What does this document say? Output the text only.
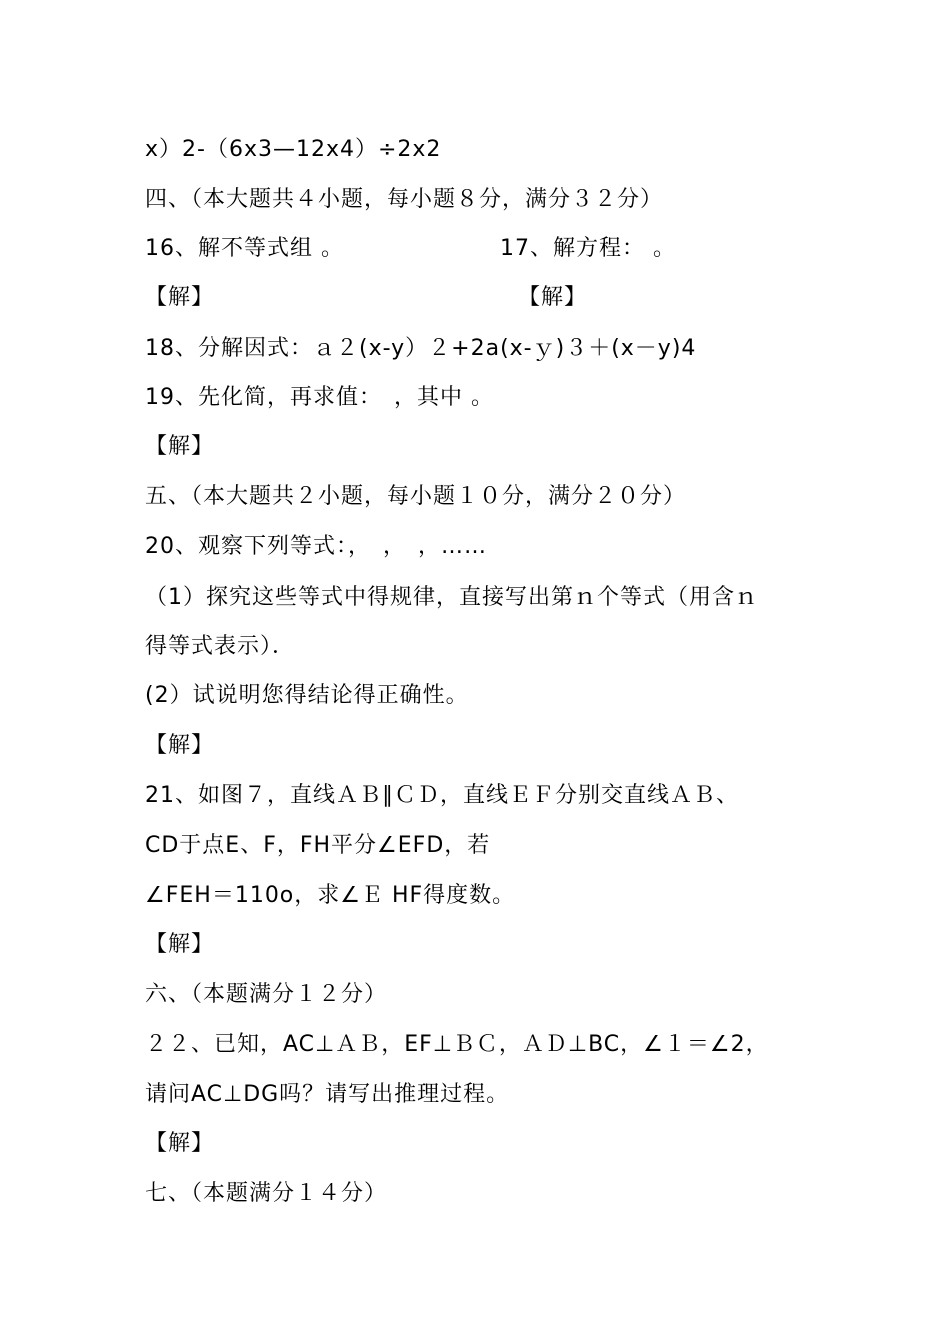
x）2-（6x3—12x4）÷2x2
四、（本大题共４小题，每小题８分，满分３２分）
16、解不等式组 。	17、解方程： 。
【解】	【解】
18、分解因式：ａ２(x-y）２+2a(x-ｙ)３＋(x－y)4
19、先化简，再求值：　，其中 。
【解】
五、（本大题共２小题，每小题１０分，满分２０分）
20、观察下列等式：，　，　，……
（1）探究这些等式中得规律，直接写出第ｎ个等式（用含ｎ
得等式表示）．
(2）试说明您得结论得正确性。
【解】
21、如图７，直线ＡＢ∥ＣＤ，直线ＥＦ分别交直线ＡＢ、
CD于点E、F，FH平分∠EFD，若
∠FEH＝110o，求∠Ｅ HF得度数。
【解】
六、（本题满分１２分）
２２、已知，AC⊥ＡＢ，EF⊥ＢＣ，ＡＤ⊥BC，∠１＝∠2，
请问AC⊥DG吗？请写出推理过程。
【解】
七、（本题满分１４分）
